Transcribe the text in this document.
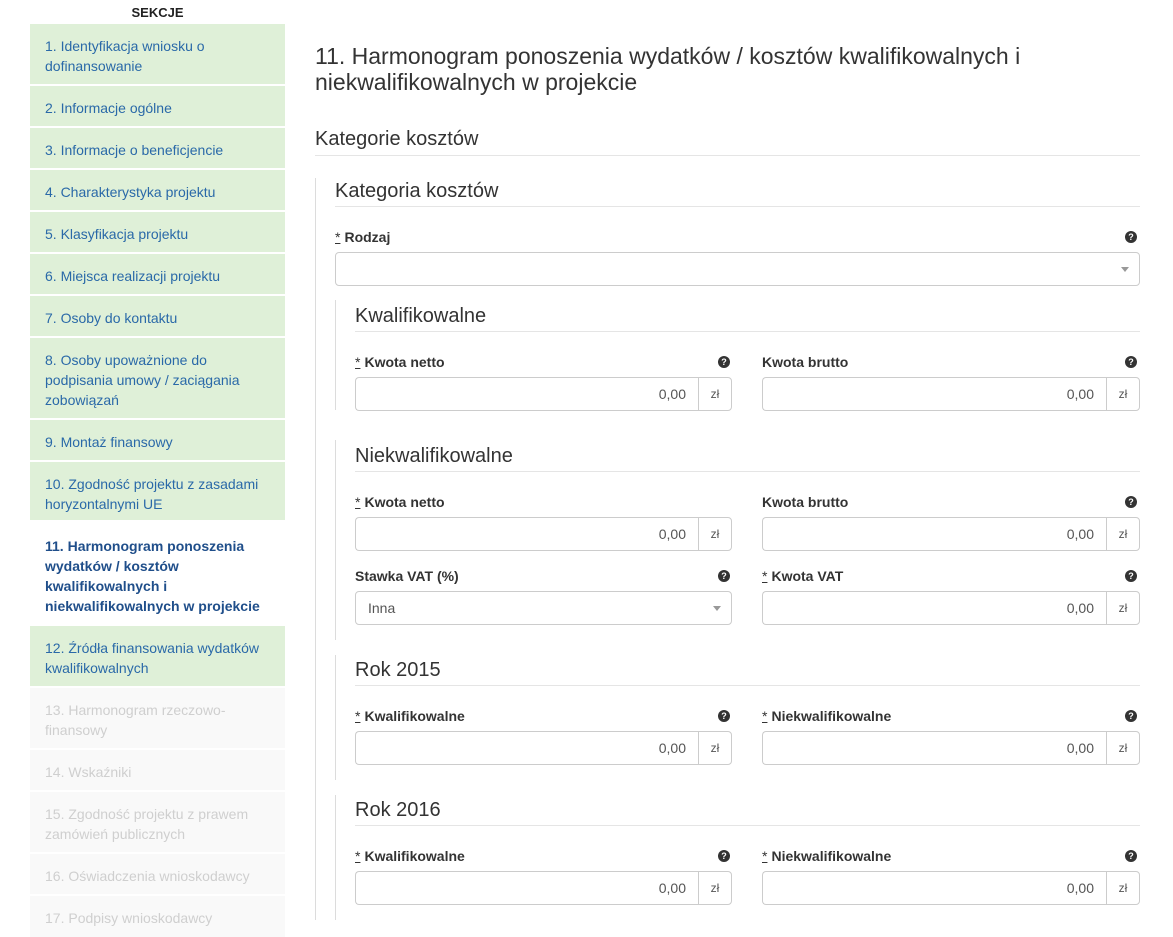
SEKCJE
1. Identyfikacja wniosku o dofinansowanie
2. Informacje ogólne
3. Informacje o beneficjencie
4. Charakterystyka projektu
5. Klasyfikacja projektu
6. Miejsca realizacji projektu
7. Osoby do kontaktu
8. Osoby upoważnione do podpisania umowy / zaciągania zobowiązań
9. Montaż finansowy
10. Zgodność projektu z zasadami horyzontalnymi UE
11. Harmonogram ponoszenia wydatków / kosztów kwalifikowalnych i niekwalifikowalnych w projekcie
12. Źródła finansowania wydatków kwalifikowalnych
13. Harmonogram rzeczowo-finansowy
14. Wskaźniki
15. Zgodność projektu z prawem zamówień publicznych
16. Oświadczenia wnioskodawcy
17. Podpisy wnioskodawcy
11. Harmonogram ponoszenia wydatków / kosztów kwalifikowalnych i niekwalifikowalnych w projekcie
Kategorie kosztów
Kategoria kosztów
* Rodzaj	?
Kwalifikowalne
* Kwota netto	?
0,00	zł
Kwota brutto	?
0,00	zł
Niekwalifikowalne
* Kwota netto
0,00	zł
Kwota brutto	?
0,00	zł
Stawka VAT (%)	?
Inna
* Kwota VAT	?
0,00	zł
Rok 2015
* Kwalifikowalne	?
0,00	zł
* Niekwalifikowalne	?
0,00	zł
Rok 2016
* Kwalifikowalne	?
0,00	zł
* Niekwalifikowalne	?
0,00	zł
